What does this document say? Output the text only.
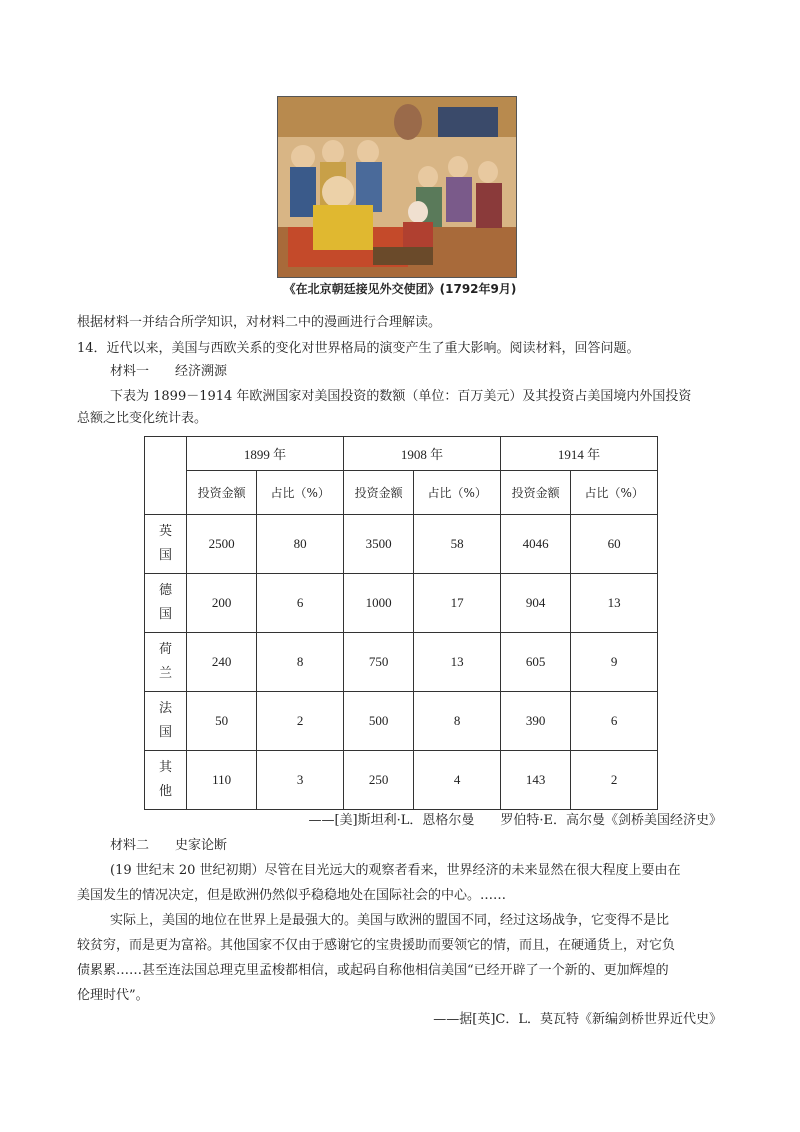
《在北京朝廷接见外交使团》(1792年9月)
根据材料一并结合所学知识，对材料二中的漫画进行合理解读。
14．近代以来，美国与西欧关系的变化对世界格局的演变产生了重大影响。阅读材料，回答问题。
材料一　　经济溯源
下表为 1899－1914 年欧洲国家对美国投资的数额（单位：百万美元）及其投资占美国境内外国投资
总额之比变化统计表。
	1899 年		1908 年		1914 年	
	投资金额	占比（%）	投资金额	占比（%）	投资金额	占比（%）

英
国	2500	80	3500	58	4046	60

德
国	200	6	1000	17	904	13

荷
兰	240	8	750	13	605	9

法
国	50	2	500	8	390	6

其
他	110	3	250	4	143	2
——[美]斯坦利·L．恩格尔曼　　罗伯特·E．高尔曼《剑桥美国经济史》
材料二　　史家论断
(19 世纪末 20 世纪初期）尽管在目光远大的观察者看来，世界经济的未来显然在很大程度上要由在
美国发生的情况决定，但是欧洲仍然似乎稳稳地处在国际社会的中心。……
实际上，美国的地位在世界上是最强大的。美国与欧洲的盟国不同，经过这场战争，它变得不是比
较贫穷，而是更为富裕。其他国家不仅由于感谢它的宝贵援助而要领它的情，而且，在硬通货上，对它负
债累累……甚至连法国总理克里孟梭都相信，或起码自称他相信美国“已经开辟了一个新的、更加辉煌的
伦理时代”。
——据[英]C．L．莫瓦特《新编剑桥世界近代史》
